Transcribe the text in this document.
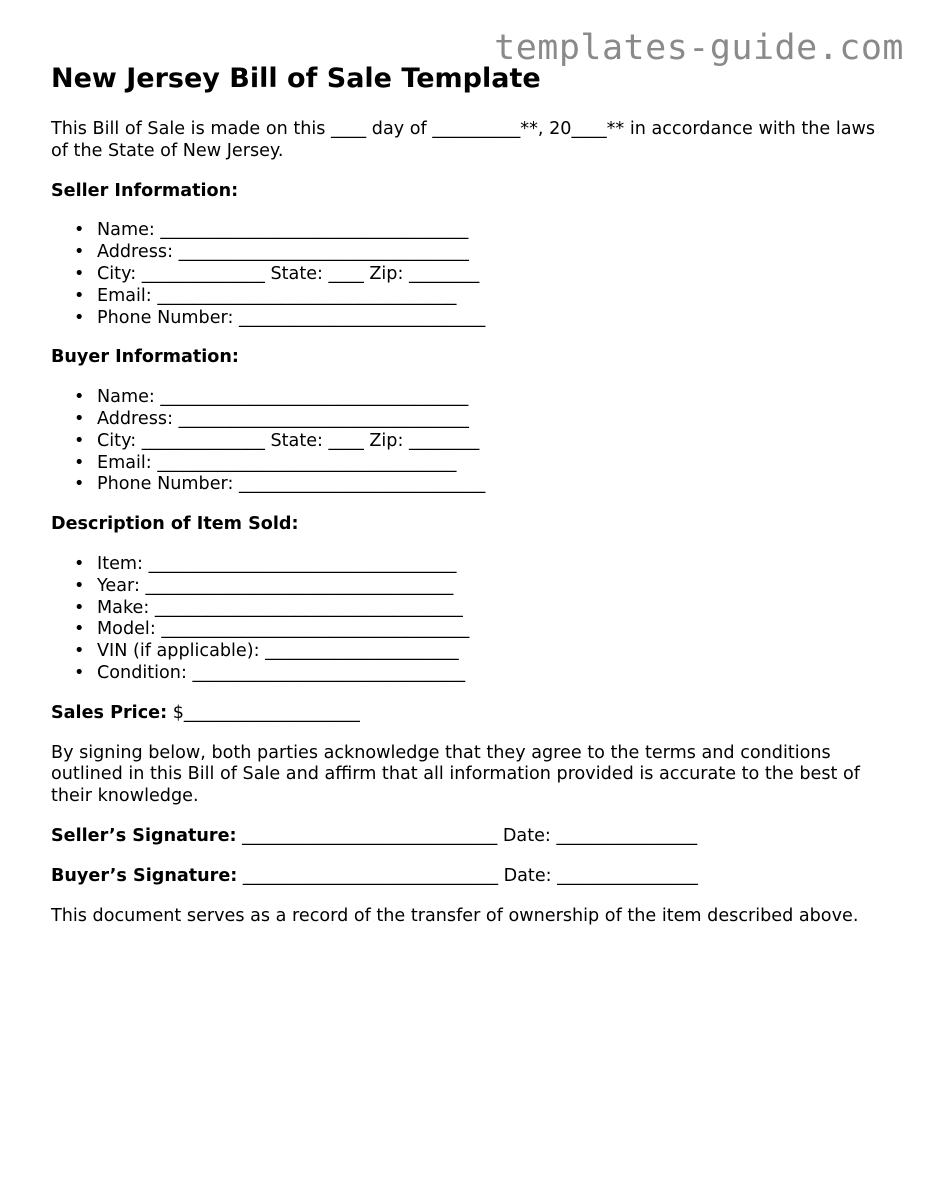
templates-guide.com
New Jersey Bill of Sale Template

This Bill of Sale is made on this ____ day of __________**, 20____** in accordance with the laws of the State of New Jersey.

Seller Information:

• Name: ___________________________________
• Address: _________________________________
• City: ______________ State: ____ Zip: ________
• Email: __________________________________
• Phone Number: ____________________________

Buyer Information:

• Name: ___________________________________
• Address: _________________________________
• City: ______________ State: ____ Zip: ________
• Email: __________________________________
• Phone Number: ____________________________

Description of Item Sold:

• Item: ___________________________________
• Year: ___________________________________
• Make: ___________________________________
• Model: ___________________________________
• VIN (if applicable): ______________________
• Condition: _______________________________

Sales Price: $____________________

By signing below, both parties acknowledge that they agree to the terms and conditions outlined in this Bill of Sale and affirm that all information provided is accurate to the best of their knowledge.

Seller’s Signature: _____________________________ Date: ________________

Buyer’s Signature: _____________________________ Date: ________________

This document serves as a record of the transfer of ownership of the item described above.
